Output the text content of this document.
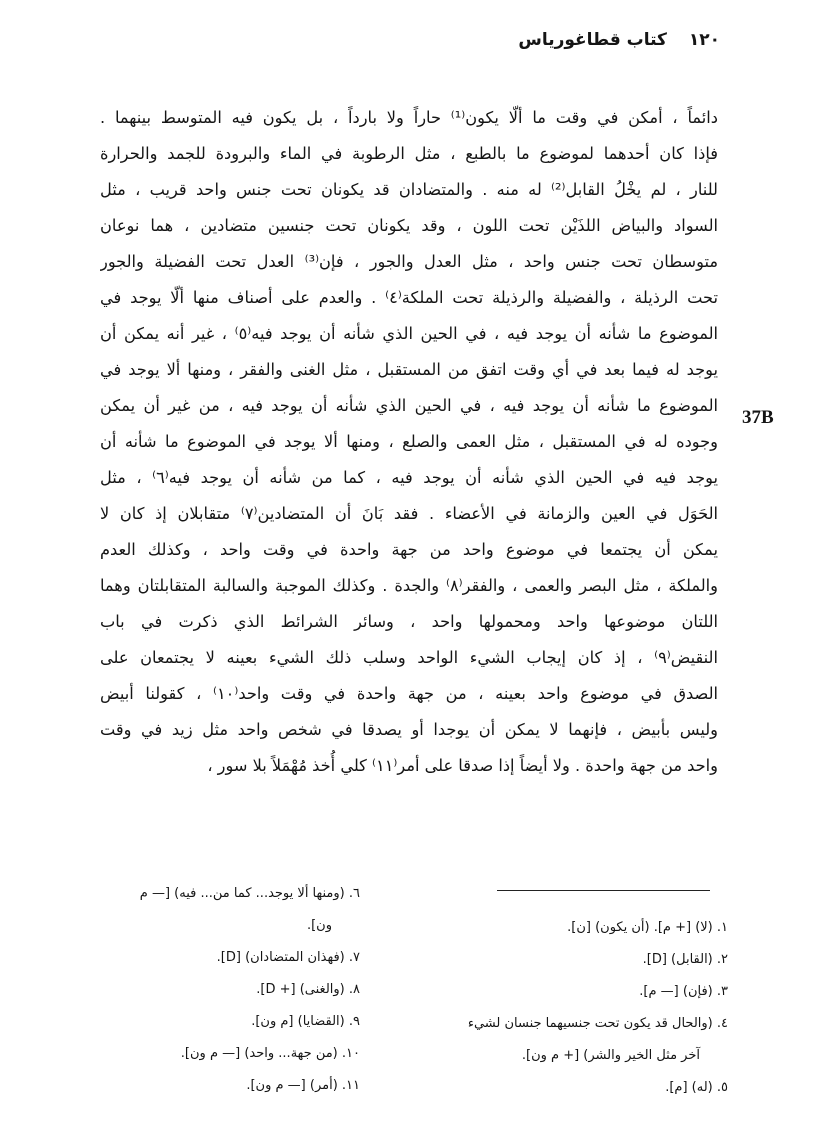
١٢٠ كتاب قطاغورياس
37B
دائماً ، أمكن في وقت ما ألّا يكون⁽¹⁾ حاراً ولا بارداً ، بل يكون فيه المتوسط بينهما .
فإذا كان أحدهما لموضوع ما بالطبع ، مثل الرطوبة في الماء والبرودة للجمد والحرارة
للنار ، لم يخْلُ القابل⁽²⁾ له منه . والمتضادان قد يكونان تحت جنس واحد قريب ، مثل
السواد والبياض اللذَيْن تحت اللون ، وقد يكونان تحت جنسين متضادين ، هما نوعان
متوسطان تحت جنس واحد ، مثل العدل والجور ، فإن⁽³⁾ العدل تحت الفضيلة والجور
تحت الرذيلة ، والفضيلة والرذيلة تحت الملكة⁽٤⁾ . والعدم على أصناف منها ألّا يوجد في
الموضوع ما شأنه أن يوجد فيه ، في الحين الذي شأنه أن يوجد فيه⁽٥⁾ ، غير أنه يمكن أن
يوجد له فيما بعد في أي وقت اتفق من المستقبل ، مثل الغنى والفقر ، ومنها ألا يوجد في
الموضوع ما شأنه أن يوجد فيه ، في الحين الذي شأنه أن يوجد فيه ، من غير أن يمكن
وجوده له في المستقبل ، مثل العمى والصلع ، ومنها ألا يوجد في الموضوع ما شأنه أن
يوجد فيه في الحين الذي شأنه أن يوجد فيه ، كما من شأنه أن يوجد فيه⁽٦⁾ ، مثل
الحَوَل في العين والزمانة في الأعضاء . فقد بَانَ أن المتضادين⁽٧⁾ متقابلان إذ كان لا
يمكن أن يجتمعا في موضوع واحد من جهة واحدة في وقت واحد ، وكذلك العدم
والملكة ، مثل البصر والعمى ، والفقر⁽٨⁾ والجدة . وكذلك الموجبة والسالبة المتقابلتان وهما
اللتان موضوعها واحد ومحمولها واحد ، وسائر الشرائط الذي ذكرت في باب
النقيض⁽٩⁾ ، إذ كان إيجاب الشيء الواحد وسلب ذلك الشيء بعينه لا يجتمعان على
الصدق في موضوع واحد بعينه ، من جهة واحدة في وقت واحد⁽١٠⁾ ، كقولنا أبيض
وليس بأبيض ، فإنهما لا يمكن أن يوجدا أو يصدقا في شخص واحد مثل زيد في وقت
واحد من جهة واحدة . ولا أيضاً إذا صدقا على أمر⁽١١⁾ كلي أُخذ مُهْمَلاً بلا سور ،
١. (لا) [+ م]. (أن يكون) [ن].
٢. (القابل) [D].
٣. (فإن) [— م].
٤. (والحال قد يكون تحت جنسيهما جنسان لشيء
آخر مثل الخير والشر) [+ م ون].
٥. (له) [م].
٦. (ومنها ألا يوجد... كما من... فيه) [— م
ون].
٧. (فهذان المتضادان) [D].
٨. (والغنى) [+ D].
٩. (القضايا) [م ون].
١٠. (من جهة... واحد) [— م ون].
١١. (أمر) [— م ون].
